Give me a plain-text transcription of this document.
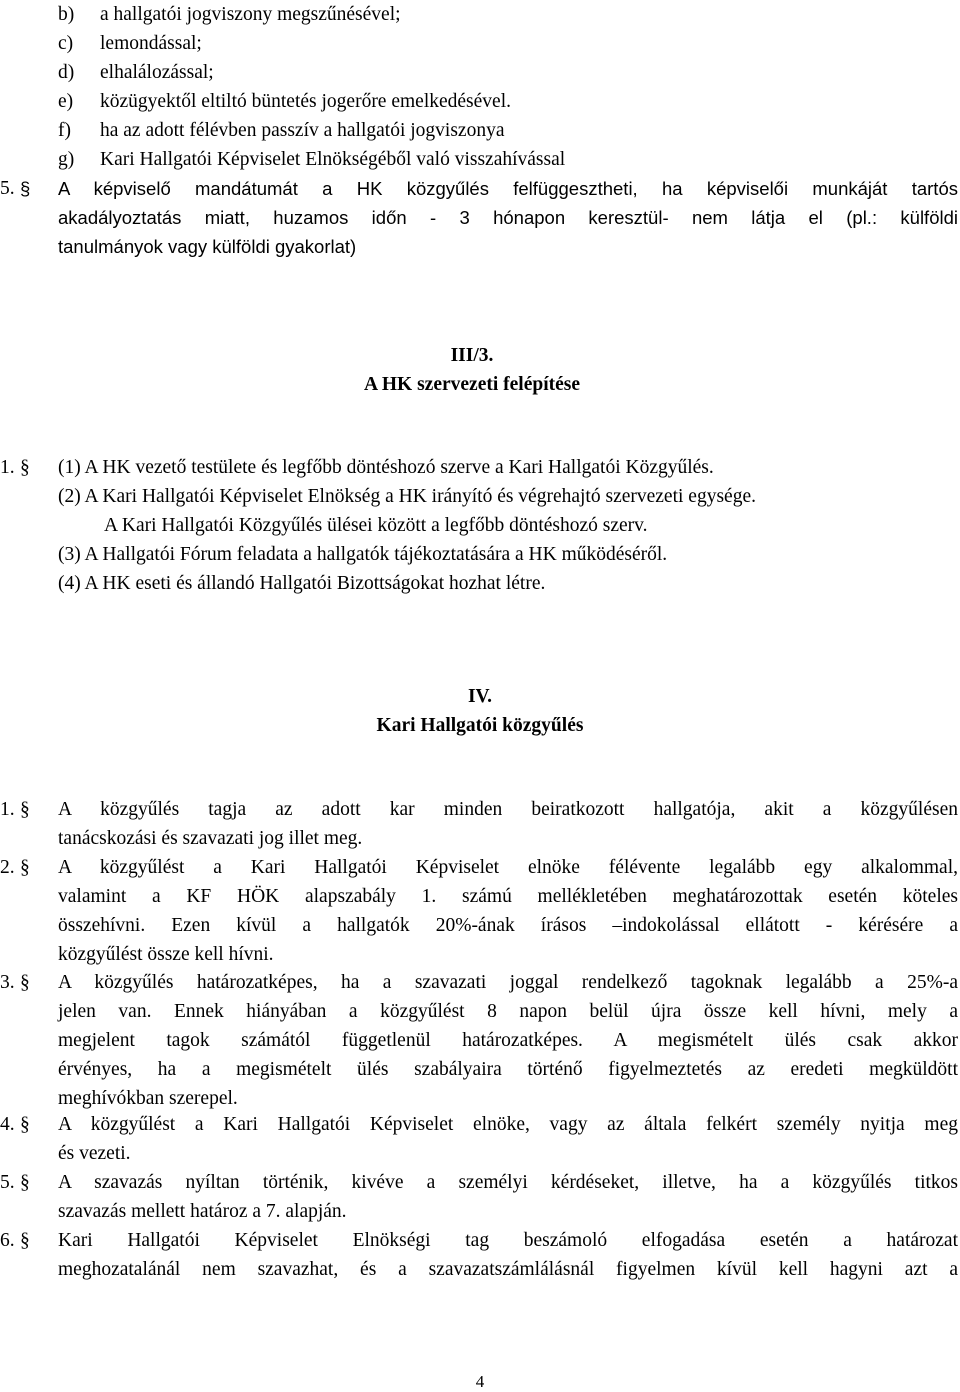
b)	a hallgatói jogviszony megszűnésével;
c)	lemondással;
d)	elhalálozással;
e)	közügyektől eltiltó büntetés jogerőre emelkedésével.
f)	ha az adott félévben passzív a hallgatói jogviszonya
g)	Kari Hallgatói Képviselet Elnökségéből való visszahívással
5. §	A képviselő mandátumát a HK közgyűlés felfüggesztheti, ha képviselői munkáját tartós
akadályoztatás miatt, huzamos időn - 3 hónapon keresztül- nem látja el (pl.: külföldi
tanulmányok vagy külföldi gyakorlat)
III/3.
A HK szervezeti felépítése
1. §	(1) A HK vezető testülete és legfőbb döntéshozó szerve a Kari Hallgatói Közgyűlés.
(2) A Kari Hallgatói Képviselet Elnökség a HK irányító és végrehajtó szervezeti egysége.
A Kari Hallgatói Közgyűlés ülései között a legfőbb döntéshozó szerv.
(3) A Hallgatói Fórum feladata a hallgatók tájékoztatására a HK működéséről.
(4) A HK eseti és állandó Hallgatói Bizottságokat hozhat létre.
IV.
Kari Hallgatói közgyűlés
1. §	A közgyűlés tagja az adott kar minden beiratkozott hallgatója, akit a közgyűlésen
tanácskozási és szavazati jog illet meg.
2. §	A közgyűlést a Kari Hallgatói Képviselet elnöke félévente legalább egy alkalommal,
valamint a KF HÖK alapszabály 1. számú mellékletében meghatározottak esetén köteles
összehívni. Ezen kívül a hallgatók 20%-ának írásos –indokolással ellátott - kérésére a
közgyűlést össze kell hívni.
3. §	A közgyűlés határozatképes, ha a szavazati joggal rendelkező tagoknak legalább a 25%-a
jelen van. Ennek hiányában a közgyűlést 8 napon belül újra össze kell hívni, mely a
megjelent tagok számától függetlenül határozatképes. A megismételt ülés csak akkor
érvényes, ha a megismételt ülés szabályaira történő figyelmeztetés az eredeti megküldött
meghívókban szerepel.
4. §	A közgyűlést a Kari Hallgatói Képviselet elnöke, vagy az általa felkért személy nyitja meg
és vezeti.
5. §	A szavazás nyíltan történik, kivéve a személyi kérdéseket, illetve, ha a közgyűlés titkos
szavazás mellett határoz a 7. alapján.
6. §	Kari Hallgatói Képviselet Elnökségi tag beszámoló elfogadása esetén a határozat
meghozatalánál nem szavazhat, és a szavazatszámlálásnál figyelmen kívül kell hagyni azt a
4
